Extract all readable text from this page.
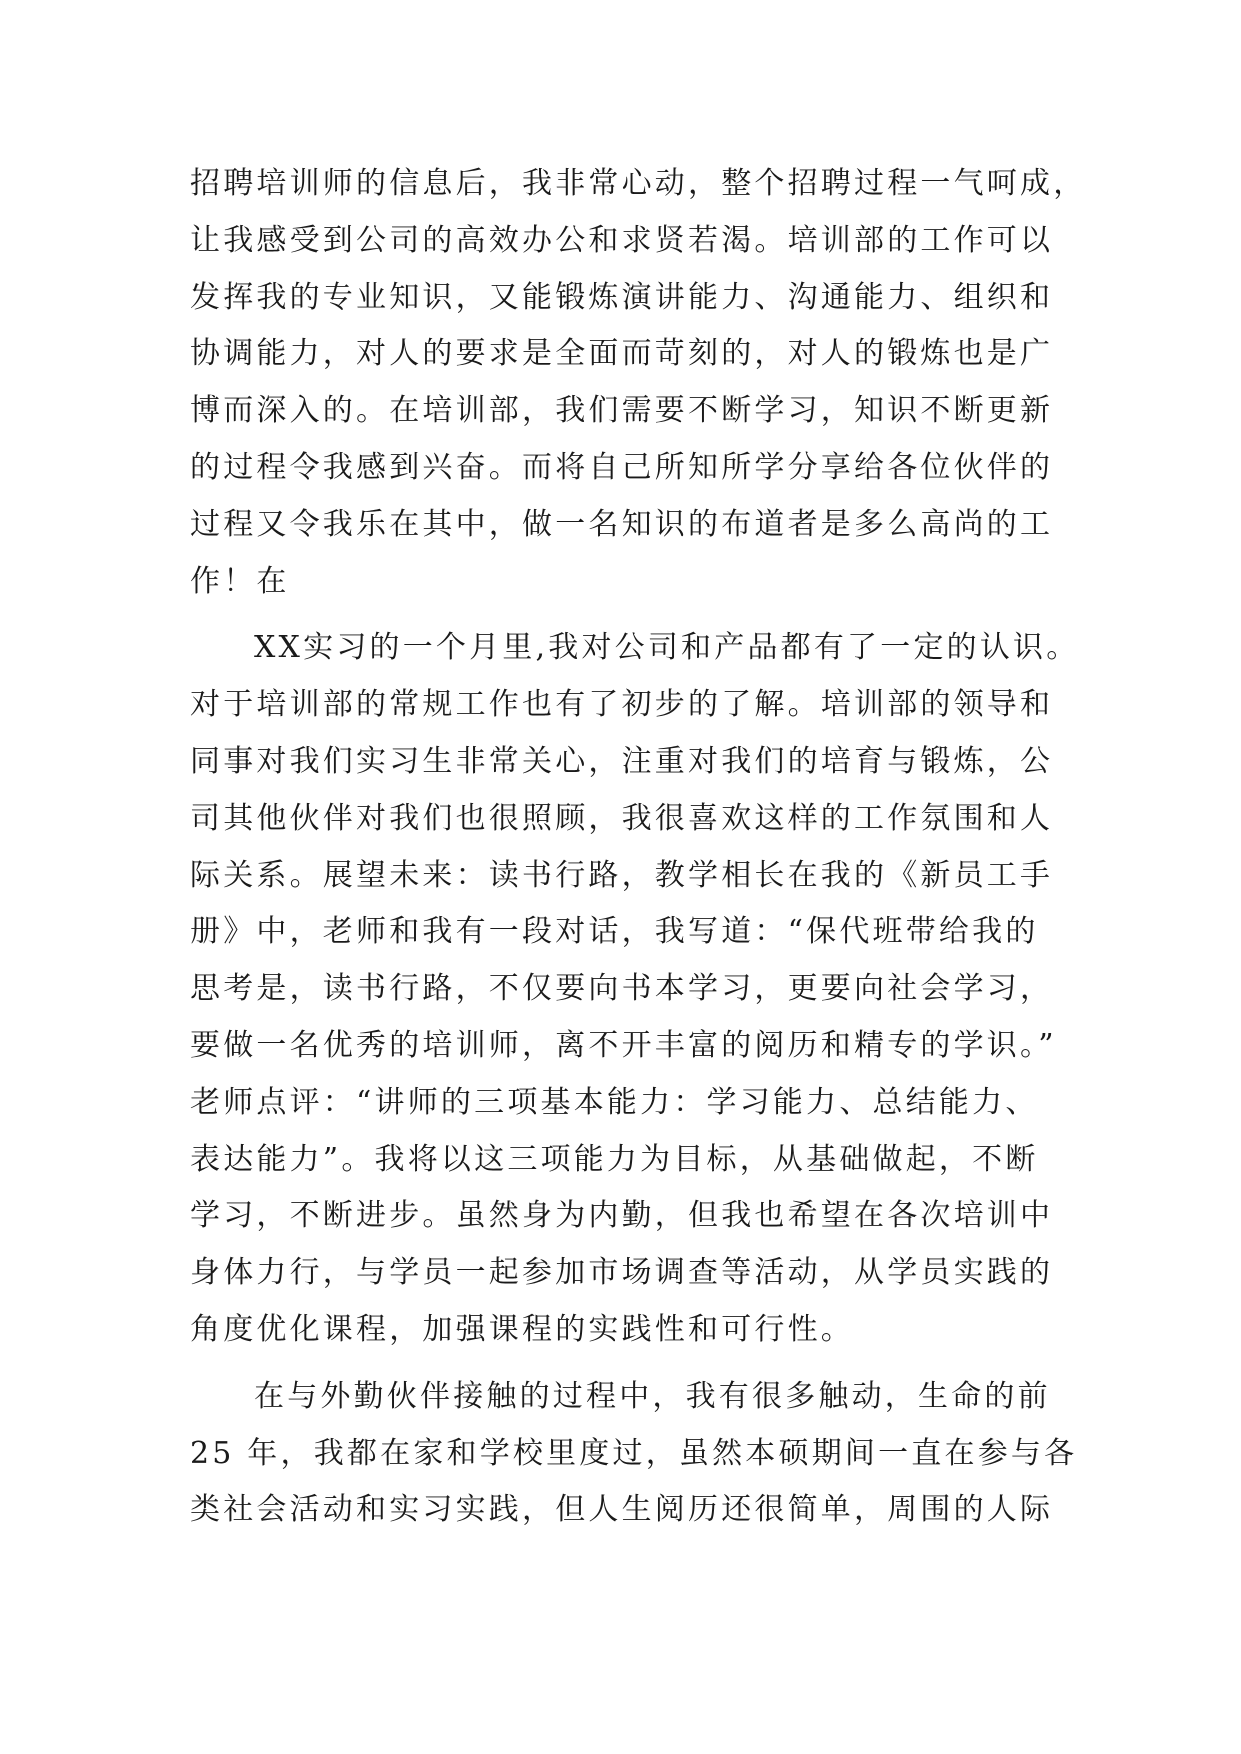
招聘培训师的信息后，我非常心动，整个招聘过程一气呵成，
让我感受到公司的高效办公和求贤若渴。培训部的工作可以
发挥我的专业知识，又能锻炼演讲能力、沟通能力、组织和
协调能力，对人的要求是全面而苛刻的，对人的锻炼也是广
博而深入的。在培训部，我们需要不断学习，知识不断更新
的过程令我感到兴奋。而将自己所知所学分享给各位伙伴的
过程又令我乐在其中，做一名知识的布道者是多么高尚的工
作！在
XX实习的一个月里,我对公司和产品都有了一定的认识。
对于培训部的常规工作也有了初步的了解。培训部的领导和
同事对我们实习生非常关心，注重对我们的培育与锻炼，公
司其他伙伴对我们也很照顾，我很喜欢这样的工作氛围和人
际关系。展望未来：读书行路，教学相长在我的《新员工手
册》中，老师和我有一段对话，我写道：“保代班带给我的
思考是，读书行路，不仅要向书本学习，更要向社会学习，
要做一名优秀的培训师，离不开丰富的阅历和精专的学识。”
老师点评：“讲师的三项基本能力：学习能力、总结能力、
表达能力”。我将以这三项能力为目标，从基础做起，不断
学习，不断进步。虽然身为内勤，但我也希望在各次培训中
身体力行，与学员一起参加市场调查等活动，从学员实践的
角度优化课程，加强课程的实践性和可行性。
在与外勤伙伴接触的过程中，我有很多触动，生命的前
25 年，我都在家和学校里度过，虽然本硕期间一直在参与各
类社会活动和实习实践，但人生阅历还很简单，周围的人际
